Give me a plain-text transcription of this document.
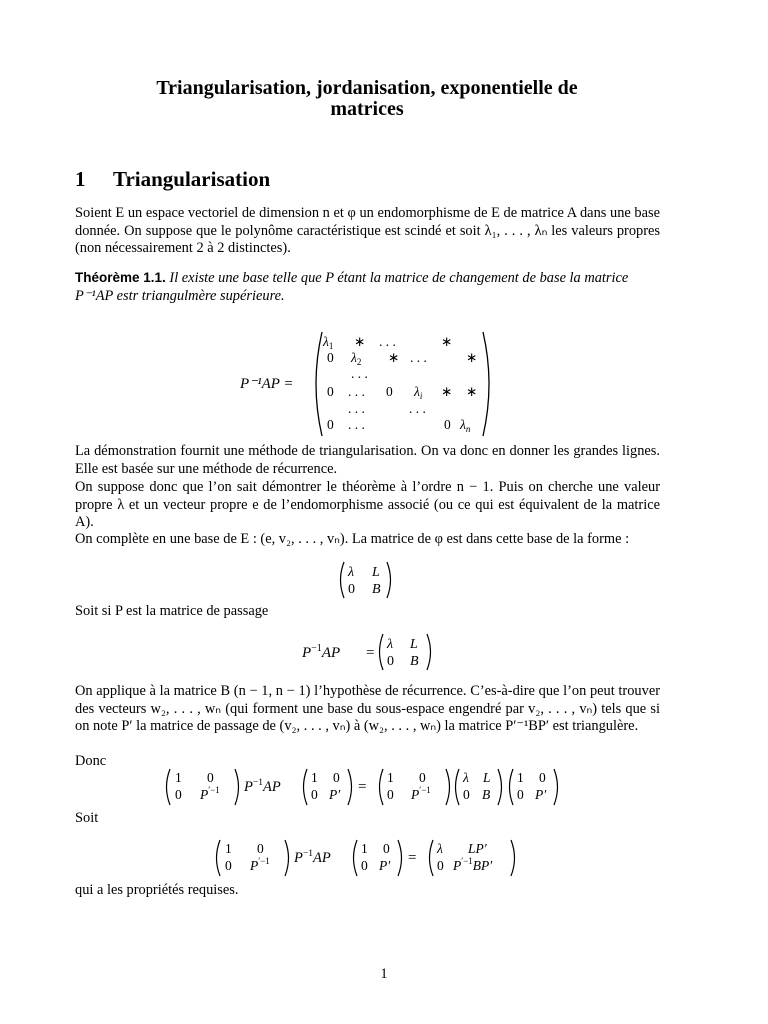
Triangularisation, jordanisation, exponentielle de
matrices
1 Triangularisation
Soient E un espace vectoriel de dimension n et φ un endomorphisme de E de matrice A dans une base donnée. On suppose que le polynôme caractéristique est scindé et soit λ₁, . . . , λₙ les valeurs propres (non nécessairement 2 à 2 distinctes).
Théorème 1.1. Il existe une base telle que P étant la matrice de changement de base la matrice P⁻¹AP estr triangulmère supérieure.
P⁻¹AP =
$\lambda_1$ ∗ . . .	∗
0 $\lambda_2$ ∗ . . .	∗
. . .
0 . . . 0 $\lambda_i$ ∗ ∗
. . .	. . .
0 . . .	0 $\lambda_n$
La démonstration fournit une méthode de triangularisation. On va donc en donner les grandes lignes. Elle est basée sur une méthode de récurrence.
On suppose donc que l’on sait démontrer le théorème à l’ordre n − 1. Puis on cherche une valeur propre λ et un vecteur propre e de l’endomorphisme associé (ou ce qui est équivalent de la matrice A).
On complète en une base de E : (e, v₂, . . . , vₙ). La matrice de φ est dans cette base de la forme :
λ L
0 B
Soit si P est la matrice de passage
$P^{-1}AP$ =
λ L
0 B
On applique à la matrice B (n − 1, n − 1) l’hypothèse de récurrence. C’es-à-dire que l’on peut trouver des vecteurs w₂, . . . , wₙ (qui forment une base du sous-espace engendré par v₂, . . . , vₙ) tels que si on note P′ la matrice de passage de (v₂, . . . , vₙ) à (w₂, . . . , wₙ) la matrice P′⁻¹BP′ est triangulère.
Donc
1 0
0 $P^{'-1}$ $P^{-1}AP$
1 0
0 P′ =
1 0
0 $P^{'-1}$
λ L
0 B
1 0
0 P′
Soit
1 0
0 $P^{'-1}$ $P^{-1}AP$
1 0
0 P′ =
λ LP′
0 $P^{'-1}BP'$
qui a les propriétés requises.
1
